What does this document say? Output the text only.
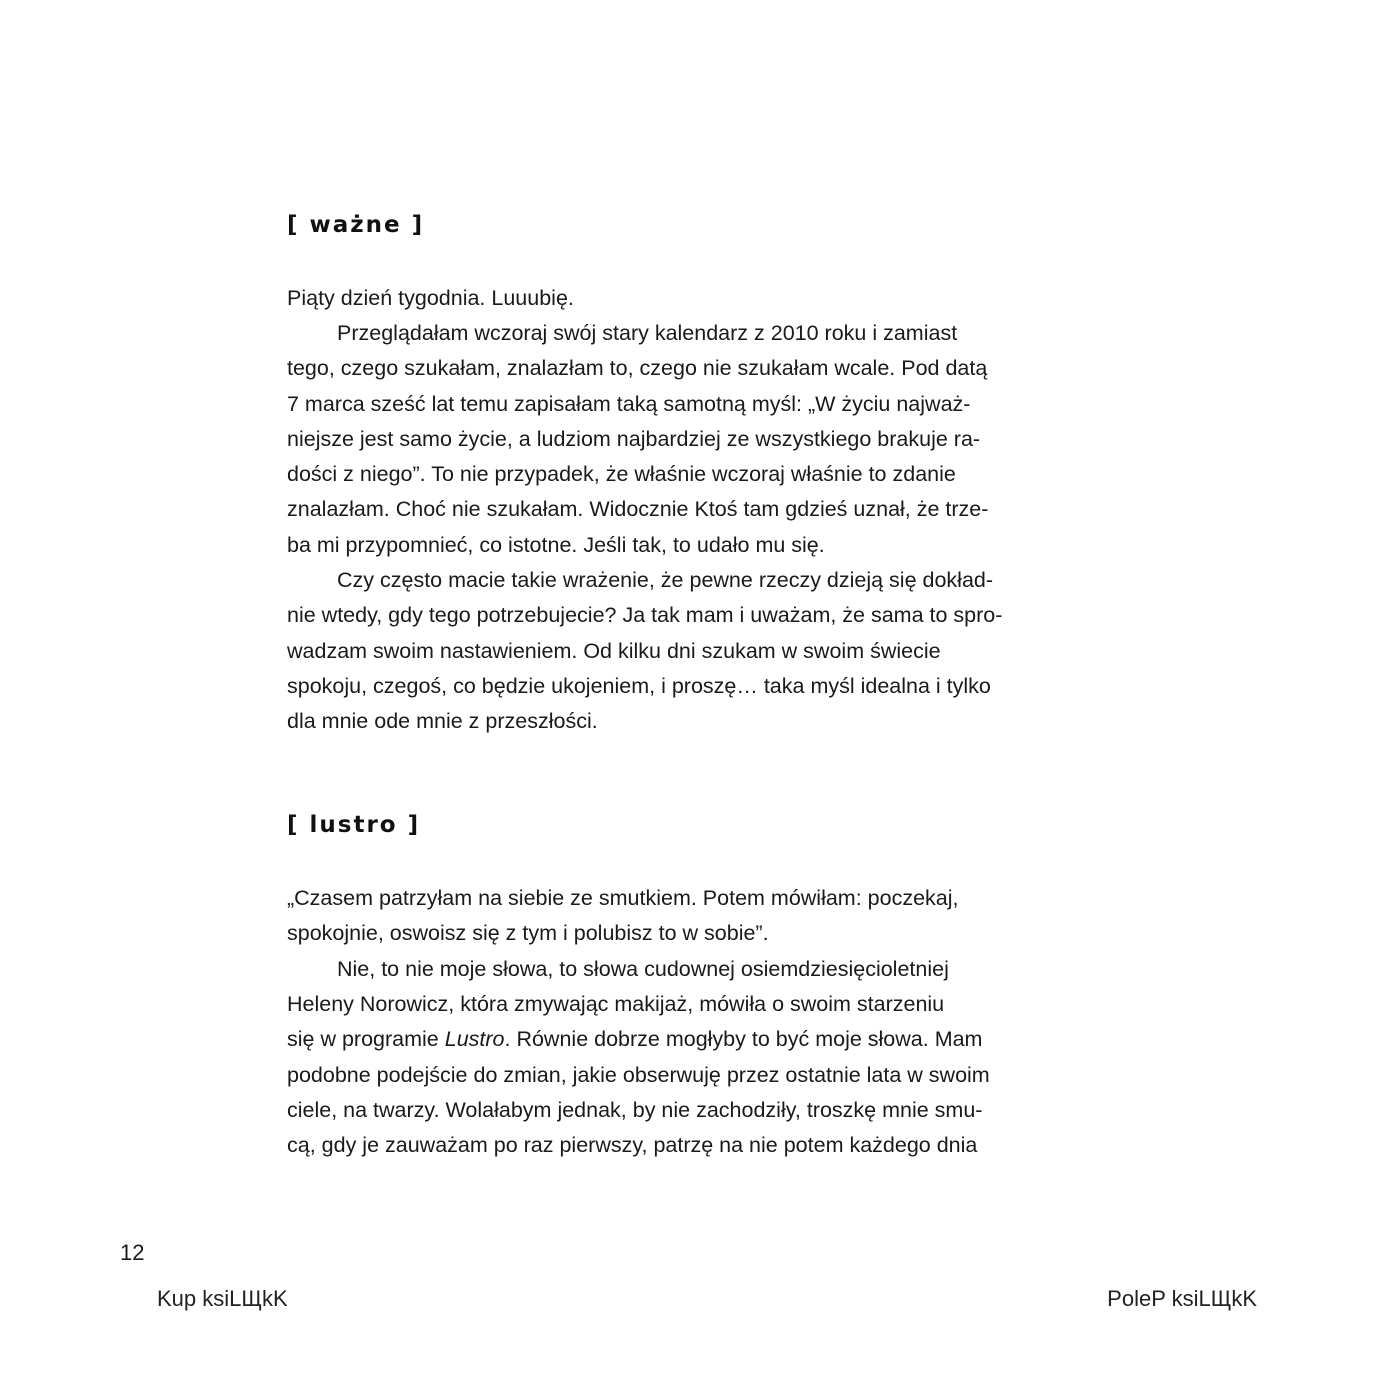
[ ważne ]

Piąty dzień tygodnia. Luuubię.

Przeglądałam wczoraj swój stary kalendarz z 2010 roku i zamiast

tego, czego szukałam, znalazłam to, czego nie szukałam wcale. Pod datą

7 marca sześć lat temu zapisałam taką samotną myśl: „W życiu najważ-

niejsze jest samo życie, a ludziom najbardziej ze wszystkiego brakuje ra-

dości z niego”. To nie przypadek, że właśnie wczoraj właśnie to zdanie

znalazłam. Choć nie szukałam. Widocznie Ktoś tam gdzieś uznał, że trze-

ba mi przypomnieć, co istotne. Jeśli tak, to udało mu się.

Czy często macie takie wrażenie, że pewne rzeczy dzieją się dokład-

nie wtedy, gdy tego potrzebujecie? Ja tak mam i uważam, że sama to spro-

wadzam swoim nastawieniem. Od kilku dni szukam w swoim świecie

spokoju, czegoś, co będzie ukojeniem, i proszę… taka myśl idealna i tylko

dla mnie ode mnie z przeszłości.

[ lustro ]

„Czasem patrzyłam na siebie ze smutkiem. Potem mówiłam: poczekaj,

spokojnie, oswoisz się z tym i polubisz to w sobie”.

Nie, to nie moje słowa, to słowa cudownej osiemdziesięcioletniej

Heleny Norowicz, która zmywając makijaż, mówiła o swoim starzeniu

się w programie Lustro. Równie dobrze mogłyby to być moje słowa. Mam

podobne podejście do zmian, jakie obserwuję przez ostatnie lata w swoim

ciele, na twarzy. Wolałabym jednak, by nie zachodziły, troszkę mnie smu-

cą, gdy je zauważam po raz pierwszy, patrzę na nie potem każdego dnia

12
Kup ksiLЩkK	PoleP ksiLЩkK
